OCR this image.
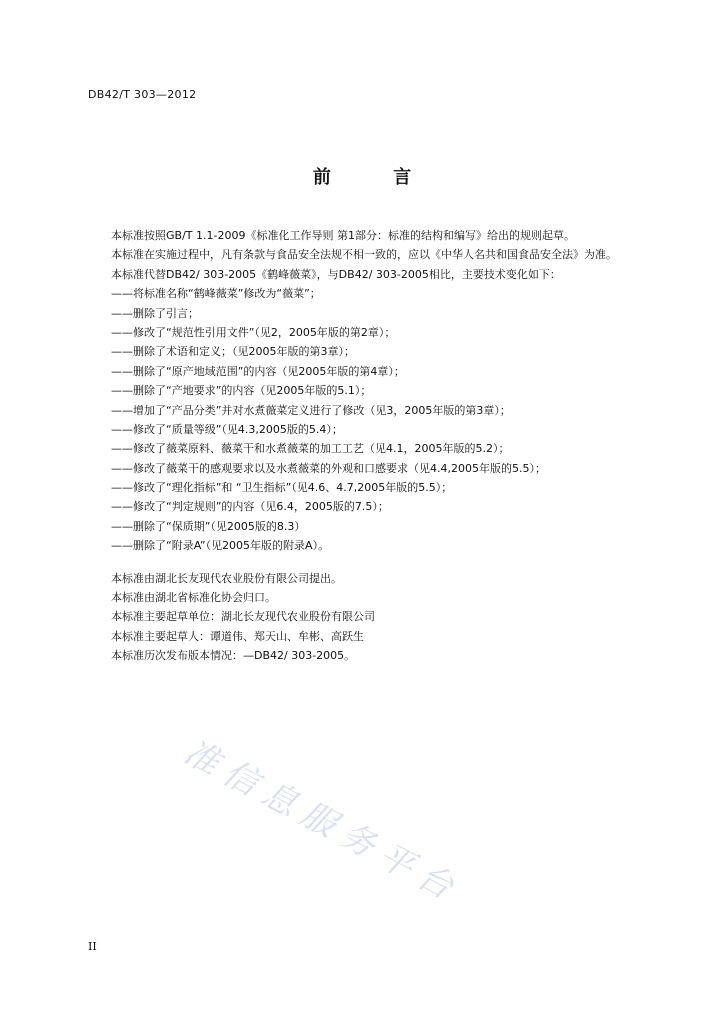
DB42/T 303—2012
前 言
本标准按照GB/T 1.1-2009《标准化工作导则 第1部分：标准的结构和编写》给出的规则起草。
本标准在实施过程中，凡有条款与食品安全法规不相一致的，应以《中华人名共和国食品安全法》为准。
本标准代替DB42/ 303-2005《鹤峰薇菜》，与DB42/ 303-2005相比，主要技术变化如下：
——将标准名称“鹤峰薇菜”修改为“薇菜”；
——删除了引言；
——修改了“规范性引用文件”（见2，2005年版的第2章）；
——删除了术语和定义；（见2005年版的第3章）；
——删除了“原产地域范围”的内容（见2005年版的第4章）；
——删除了“产地要求”的内容（见2005年版的5.1）；
——增加了“产品分类”并对水煮薇菜定义进行了修改（见3，2005年版的第3章）；
——修改了“质量等级”（见4.3,2005版的5.4）；
——修改了薇菜原料、薇菜干和水煮薇菜的加工工艺（见4.1，2005年版的5.2）；
——修改了薇菜干的感观要求以及水煮薇菜的外观和口感要求（见4.4,2005年版的5.5）；
——修改了“理化指标”和 “卫生指标”（见4.6、4.7,2005年版的5.5）；
——修改了“判定规则”的内容（见6.4，2005版的7.5）；
——删除了“保质期”（见2005版的8.3）
——删除了“附录A”（见2005年版的附录A）。
本标准由湖北长友现代农业股份有限公司提出。
本标准由湖北省标准化协会归口。
本标准主要起草单位：湖北长友现代农业股份有限公司
本标准主要起草人：谭道伟、郑天山、牟彬、高跃生
本标准历次发布版本情况：—DB42/ 303-2005。
准信息服务平台
II
